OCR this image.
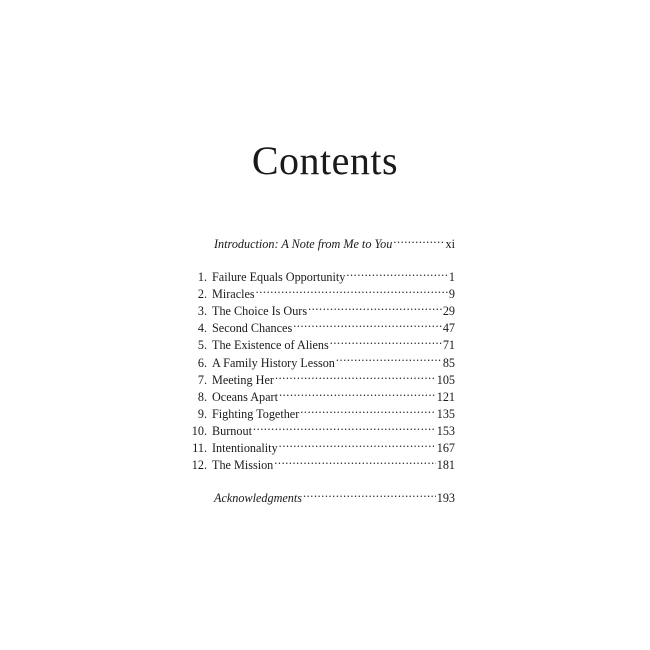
Contents
Introduction: A Note from Me to You .....	xi
1. Failure Equals Opportunity .....	1
2. Miracles .....	9
3. The Choice Is Ours .....	29
4. Second Chances .....	47
5. The Existence of Aliens .....	71
6. A Family History Lesson .....	85
7. Meeting Her .....	105
8. Oceans Apart .....	121
9. Fighting Together .....	135
10. Burnout .....	153
11. Intentionality .....	167
12. The Mission .....	181
Acknowledgments .....	193
